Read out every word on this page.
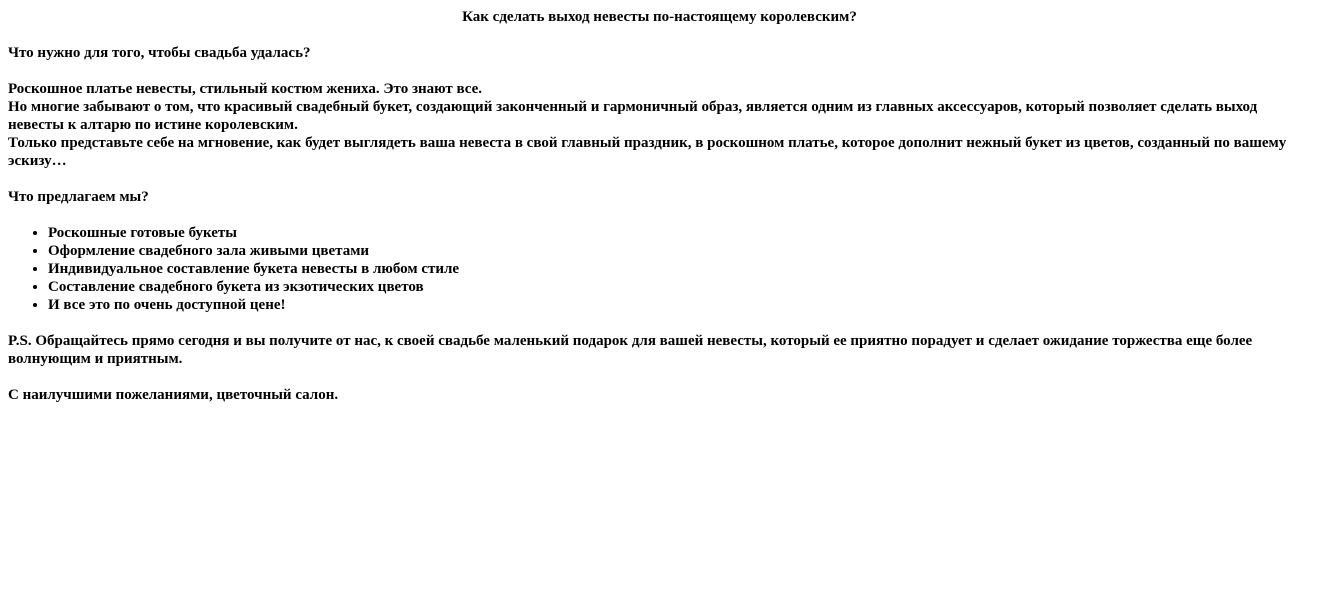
Как сделать выход невесты по-настоящему королевским?

Что нужно для того, чтобы свадьба удалась?

Роскошное платье невесты, стильный костюм жениха. Это знают все.
Но многие забывают о том, что красивый свадебный букет, создающий законченный и гармоничный образ, является одним из главных аксессуаров, который позволяет сделать выход невесты к алтарю по истине королевским.
Только представьте себе на мгновение, как будет выглядеть ваша невеста в свой главный праздник, в роскошном платье, которое дополнит нежный букет из цветов, созданный по вашему эскизу…

Что предлагаем мы?

• Роскошные готовые букеты
• Оформление свадебного зала живыми цветами
• Индивидуальное составление букета невесты в любом стиле
• Составление свадебного букета из экзотических цветов
• И все это по очень доступной цене!

P.S. Обращайтесь прямо сегодня и вы получите от нас, к своей свадьбе маленький подарок для вашей невесты, который ее приятно порадует и сделает ожидание торжества еще более волнующим и приятным.

С наилучшими пожеланиями, цветочный салон.
